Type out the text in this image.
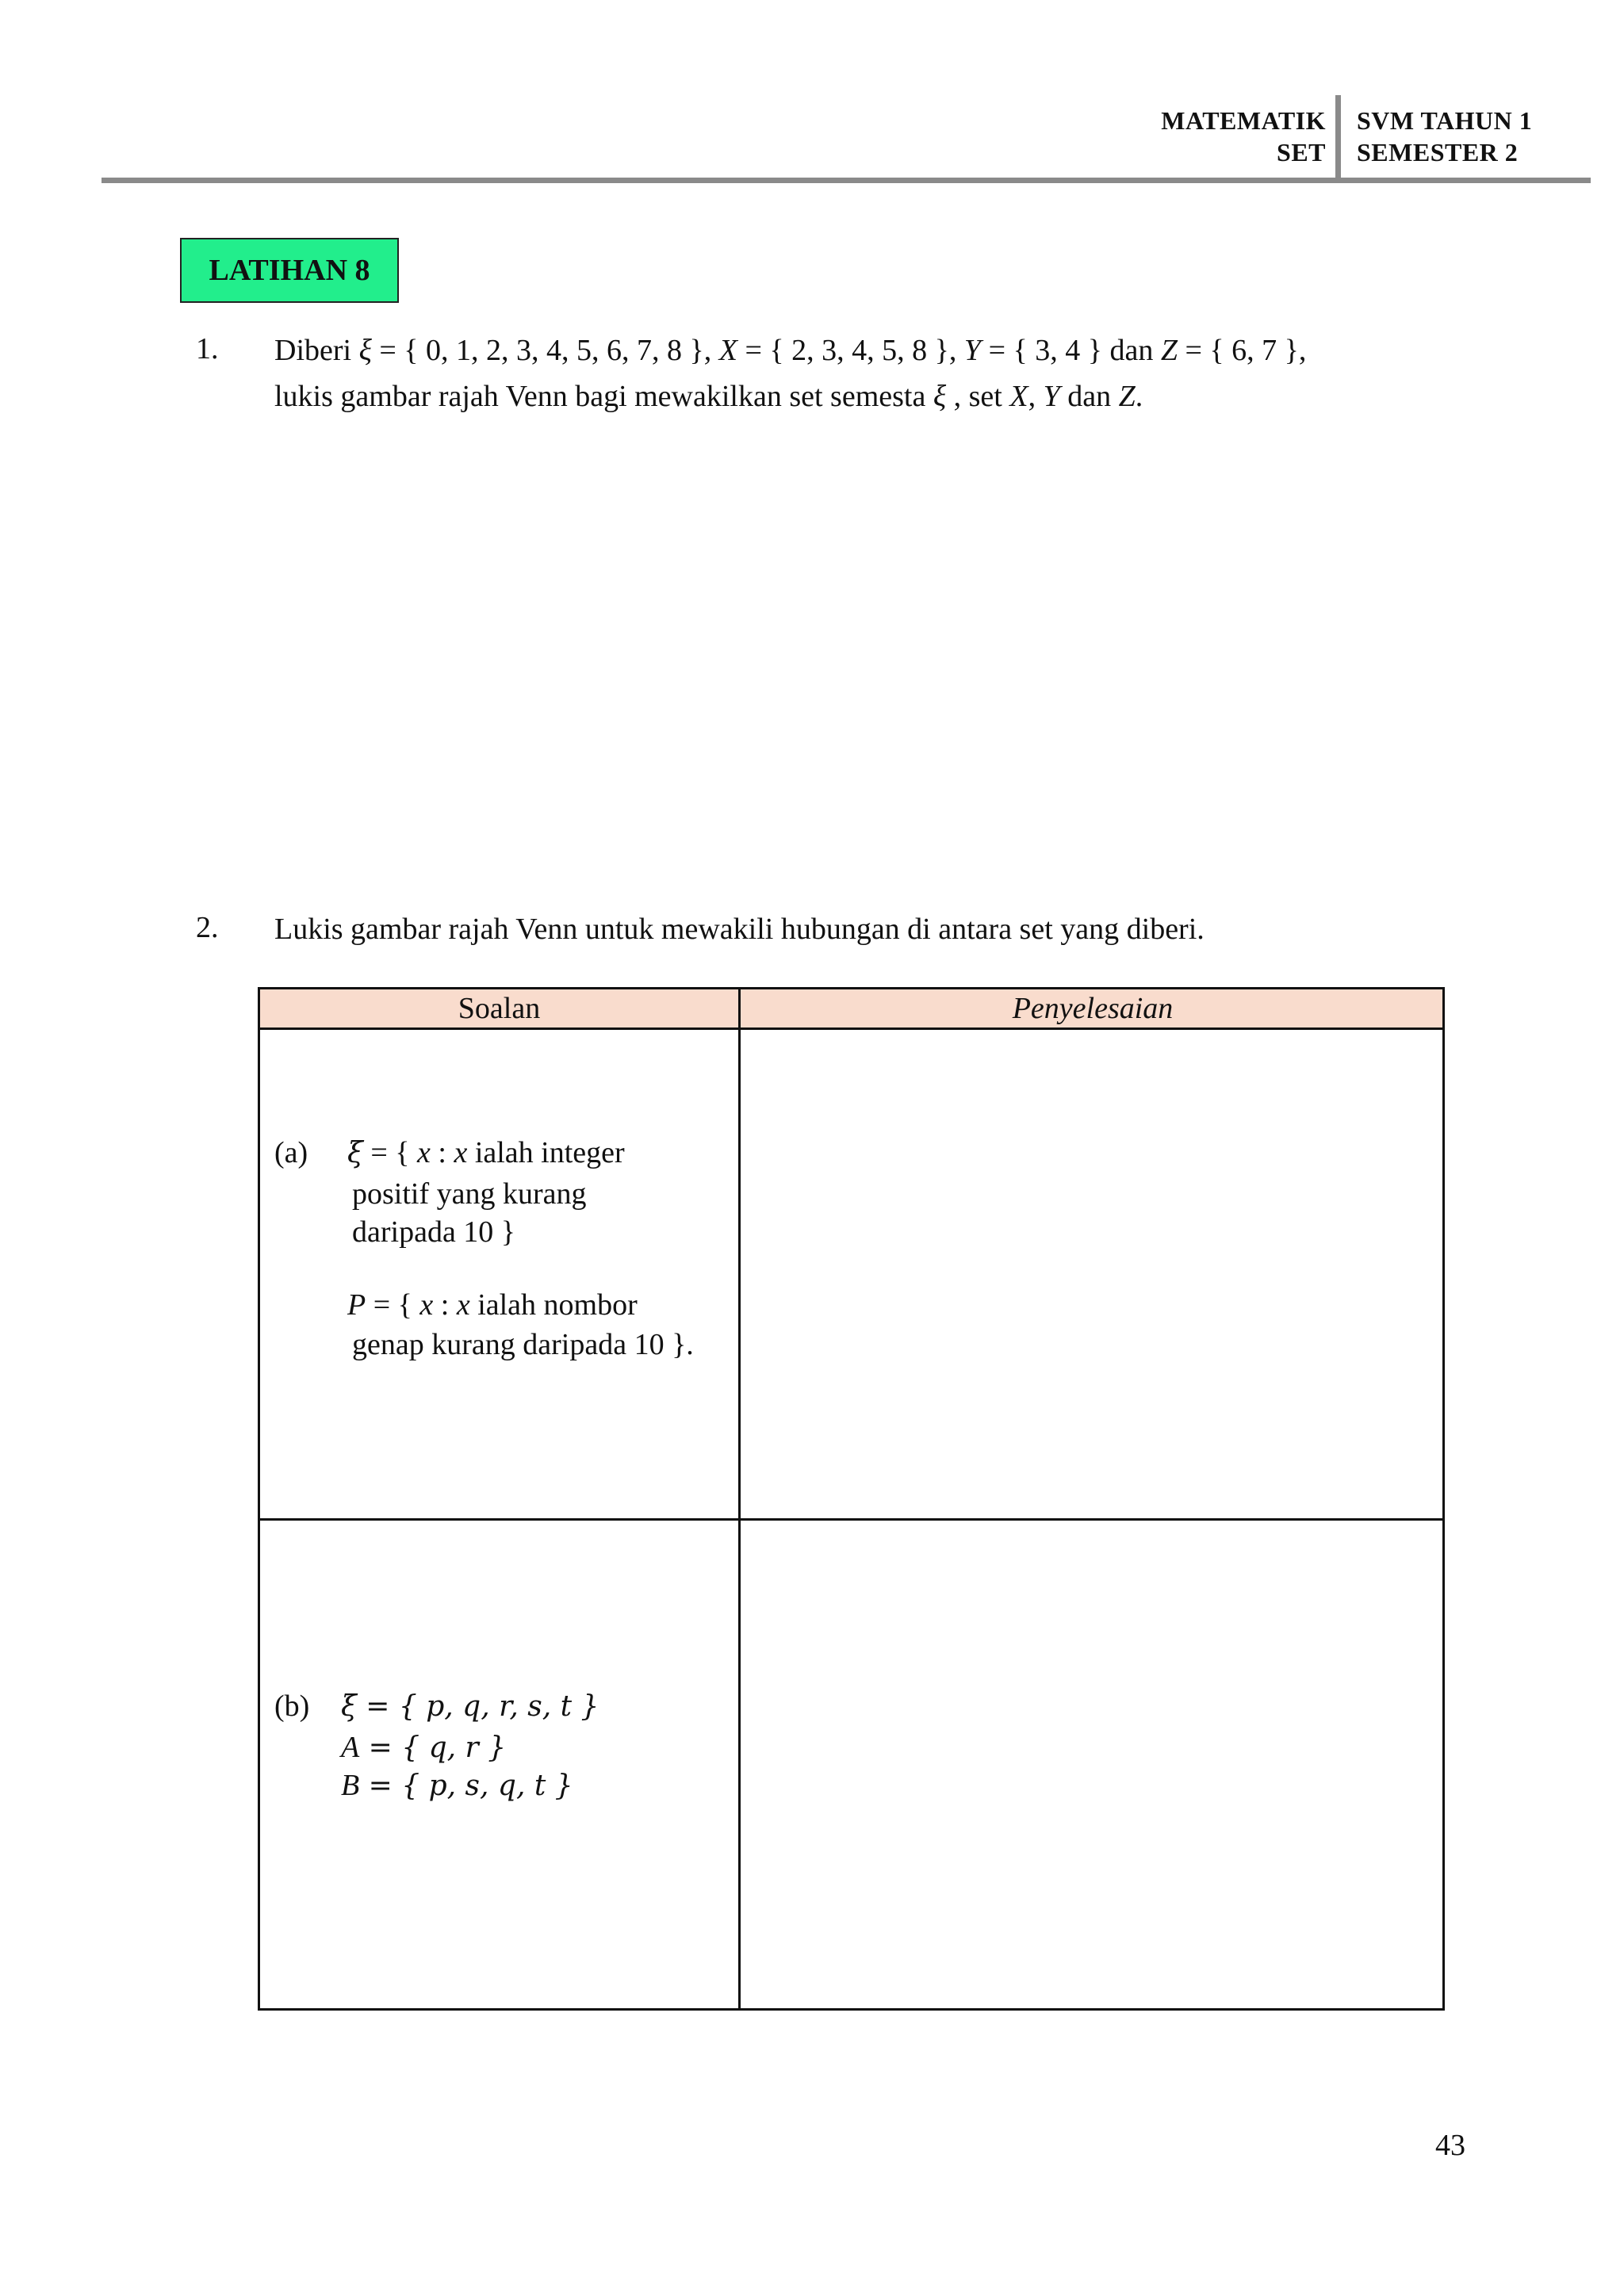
MATEMATIK
SET
SVM TAHUN 1
SEMESTER 2
LATIHAN 8
1. Diberi ξ = { 0, 1, 2, 3, 4, 5, 6, 7, 8 }, X = { 2, 3, 4, 5, 8 }, Y = { 3, 4 } dan Z = { 6, 7 },
lukis gambar rajah Venn bagi mewakilkan set semesta ξ , set X, Y dan Z.
2. Lukis gambar rajah Venn untuk mewakili hubungan di antara set yang diberi.
Soalan	Penyelesaian
(a) ξ = { x : x ialah integer
positif yang kurang
daripada 10 }
P = { x : x ialah nombor
genap kurang daripada 10 }.
(b) ξ = { p, q, r, s, t }
A = { q, r }
B = { p, s, q, t }
43
